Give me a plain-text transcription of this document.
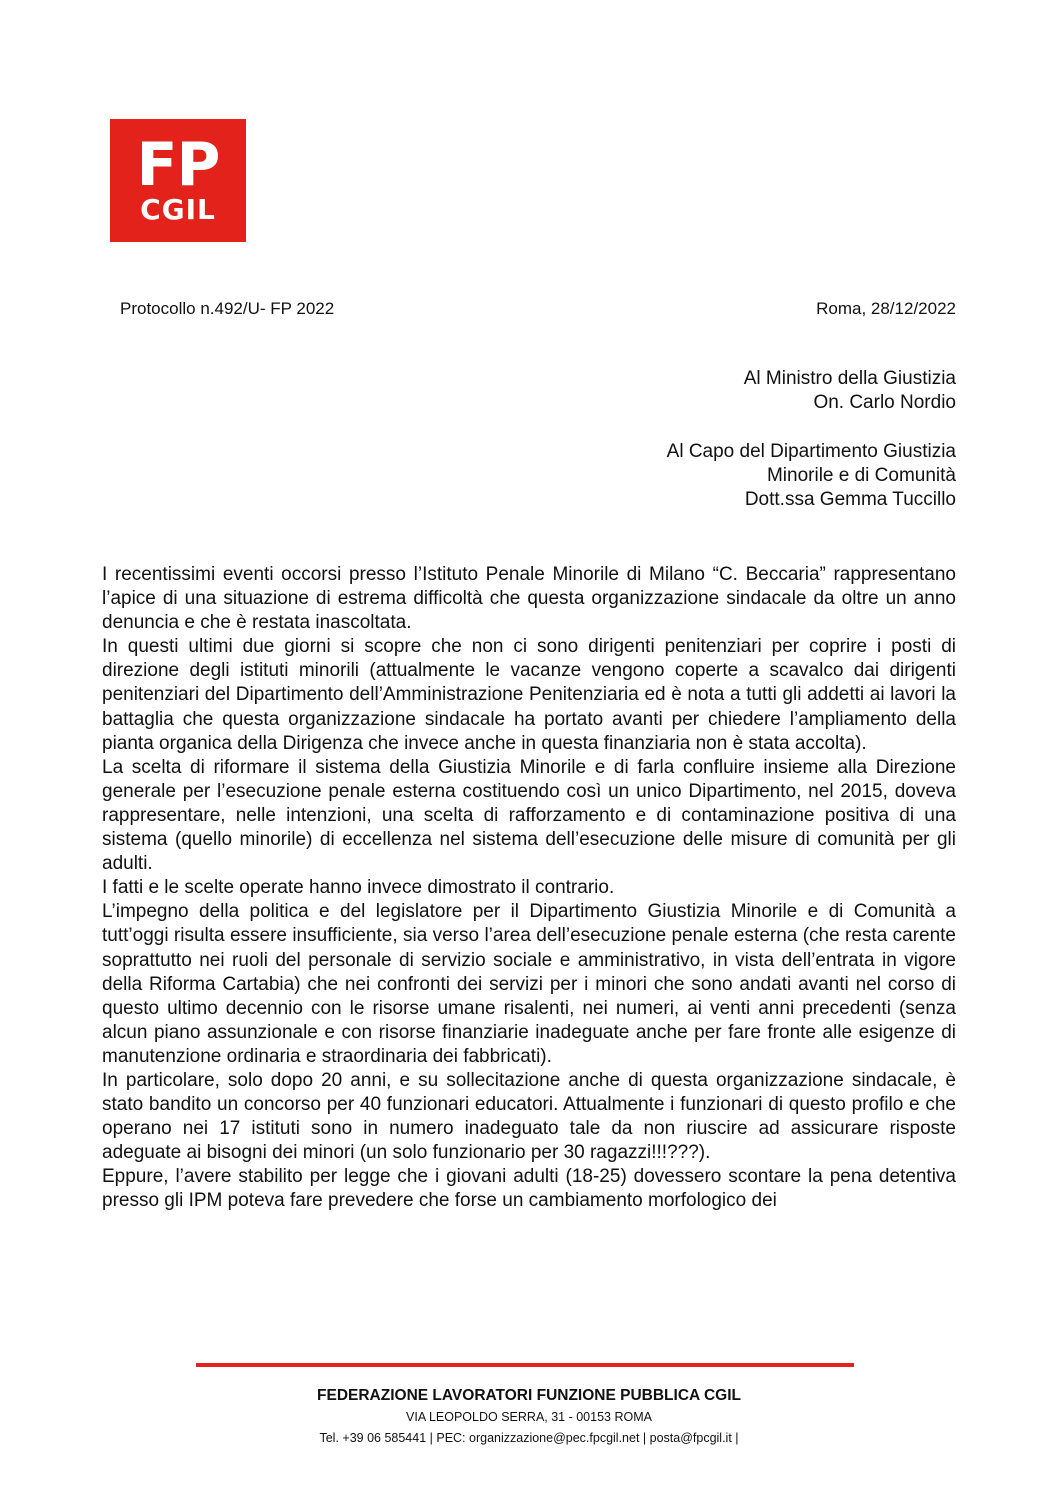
FP
CGIL
Protocollo n.492/U- FP 2022	Roma, 28/12/2022
Al Ministro della Giustizia
On. Carlo Nordio
Al Capo del Dipartimento Giustizia
Minorile e di Comunità
Dott.ssa Gemma Tuccillo

I recentissimi eventi occorsi presso l’Istituto Penale Minorile di Milano “C. Beccaria” rappresentano l’apice di una situazione di estrema difficoltà che questa organizzazione sindacale da oltre un anno denuncia e che è restata inascoltata.

In questi ultimi due giorni si scopre che non ci sono dirigenti penitenziari per coprire i posti di direzione degli istituti minorili (attualmente le vacanze vengono coperte a scavalco dai dirigenti penitenziari del Dipartimento dell’Amministrazione Penitenziaria ed è nota a tutti gli addetti ai lavori la battaglia che questa organizzazione sindacale ha portato avanti per chiedere l’ampliamento della pianta organica della Dirigenza che invece anche in questa finanziaria non è stata accolta).

La scelta di riformare il sistema della Giustizia Minorile e di farla confluire insieme alla Direzione generale per l’esecuzione penale esterna costituendo così un unico Dipartimento, nel 2015, doveva rappresentare, nelle intenzioni, una scelta di rafforzamento e di contaminazione positiva di una sistema (quello minorile) di eccellenza nel sistema dell’esecuzione delle misure di comunità per gli adulti.

I fatti e le scelte operate hanno invece dimostrato il contrario.

L’impegno della politica e del legislatore per il Dipartimento Giustizia Minorile e di Comunità a tutt’oggi risulta essere insufficiente, sia verso l’area dell’esecuzione penale esterna (che resta carente soprattutto nei ruoli del personale di servizio sociale e amministrativo, in vista dell’entrata in vigore della Riforma Cartabia) che nei confronti dei servizi per i minori che sono andati avanti nel corso di questo ultimo decennio con le risorse umane risalenti, nei numeri, ai venti anni precedenti (senza alcun piano assunzionale e con risorse finanziarie inadeguate anche per fare fronte alle esigenze di manutenzione ordinaria e straordinaria dei fabbricati).

In particolare, solo dopo 20 anni, e su sollecitazione anche di questa organizzazione sindacale, è stato bandito un concorso per 40 funzionari educatori. Attualmente i funzionari di questo profilo e che operano nei 17 istituti sono in numero inadeguato tale da non riuscire ad assicurare risposte adeguate ai bisogni dei minori (un solo funzionario per 30 ragazzi!!!???).

Eppure, l’avere stabilito per legge che i giovani adulti (18-25) dovessero scontare la pena detentiva presso gli IPM poteva fare prevedere che forse un cambiamento morfologico dei

FEDERAZIONE LAVORATORI FUNZIONE PUBBLICA CGIL
VIA LEOPOLDO SERRA, 31 - 00153 ROMA
Tel. +39 06 585441 | PEC: organizzazione@pec.fpcgil.net | posta@fpcgil.it |
